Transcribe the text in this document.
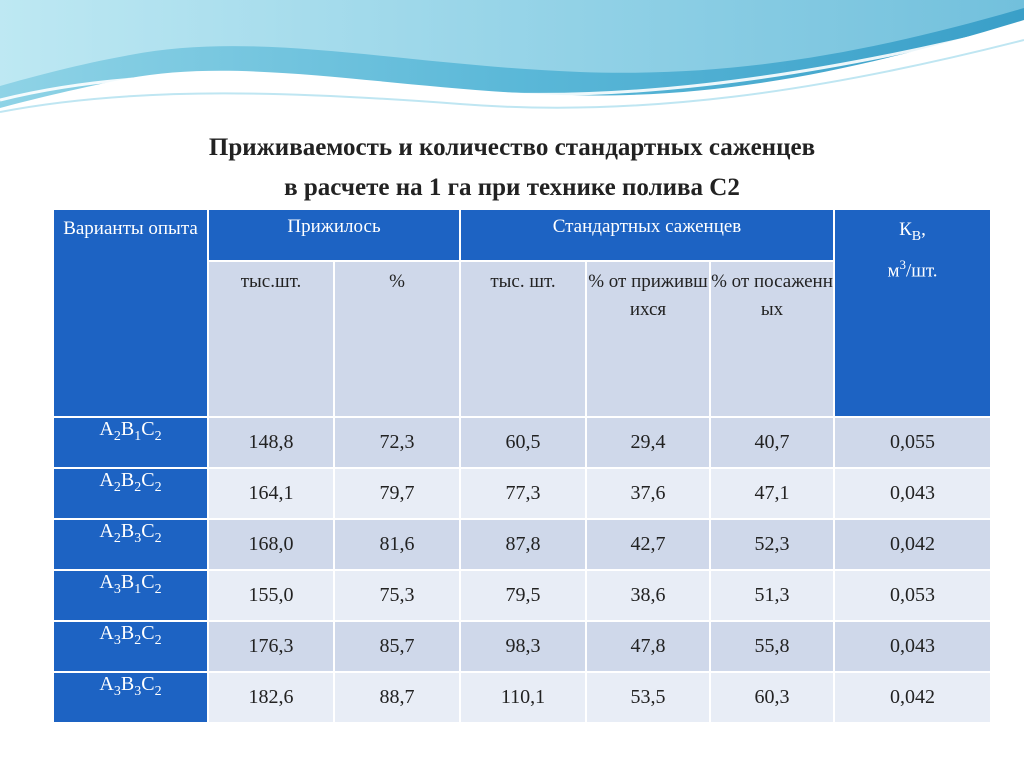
Приживаемость и количество стандартных саженцев
в расчете на 1 га при технике полива С2
Варианты опыта	Прижилось		Стандартных саженцев			$К_В$,
$м^3/шт$.
	тыс.шт.	%	тыс. шт.	% от прижившихся	% от посаженных	
$А_2В_1С_2$	148,8	72,3	60,5	29,4	40,7	0,055
$А_2В_2С_2$	164,1	79,7	77,3	37,6	47,1	0,043
$А_2В_3С_2$	168,0	81,6	87,8	42,7	52,3	0,042
$А_3В_1С_2$	155,0	75,3	79,5	38,6	51,3	0,053
$А_3В_2С_2$	176,3	85,7	98,3	47,8	55,8	0,043
$А_3В_3С_2$	182,6	88,7	110,1	53,5	60,3	0,042
